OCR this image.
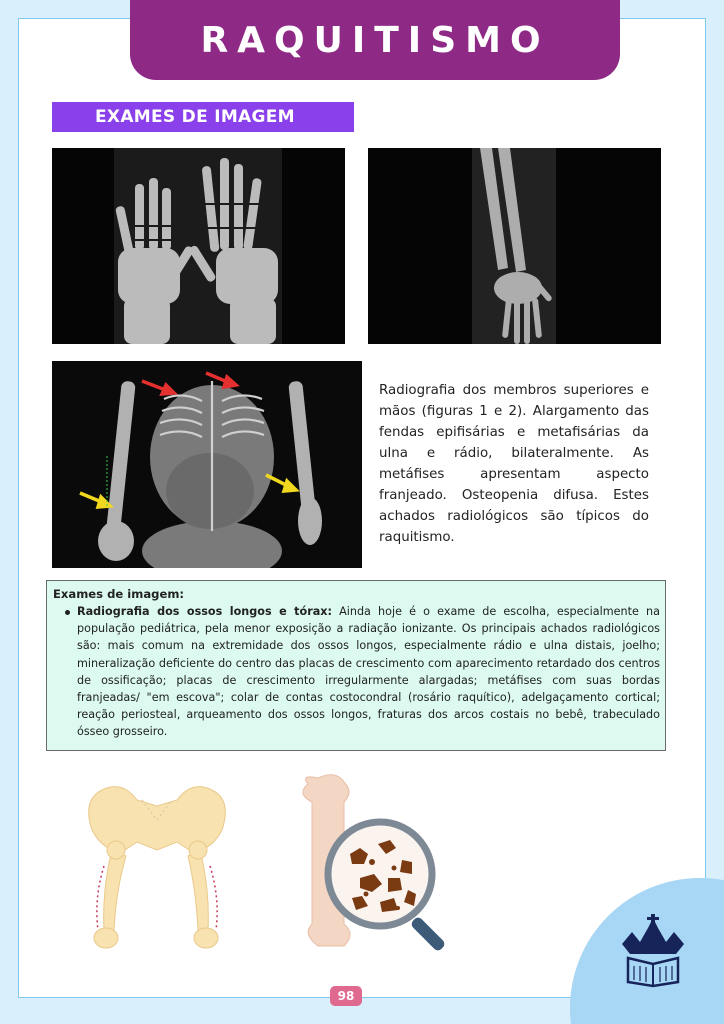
RAQUITISMO
EXAMES DE IMAGEM
Radiografia dos membros superiores e mãos (figuras 1 e 2). Alargamento das fendas epifisárias e metafisárias da ulna e rádio, bilateralmente. As metáfises apresentam aspecto franjeado. Osteopenia difusa. Estes achados radiológicos são típicos do raquitismo.
Exames de imagem:
Radiografia dos ossos longos e tórax: Ainda hoje é o exame de escolha, especialmente na população pediátrica, pela menor exposição a radiação ionizante. Os principais achados radiológicos são: mais comum na extremidade dos ossos longos, especialmente rádio e ulna distais, joelho; mineralização deficiente do centro das placas de crescimento com aparecimento retardado dos centros de ossificação; placas de crescimento irregularmente alargadas; metáfises com suas bordas franjeadas/ "em escova"; colar de contas costocondral (rosário raquítico), adelgaçamento cortical; reação periosteal, arqueamento dos ossos longos, fraturas dos arcos costais no bebê, trabeculado ósseo grosseiro.
98
